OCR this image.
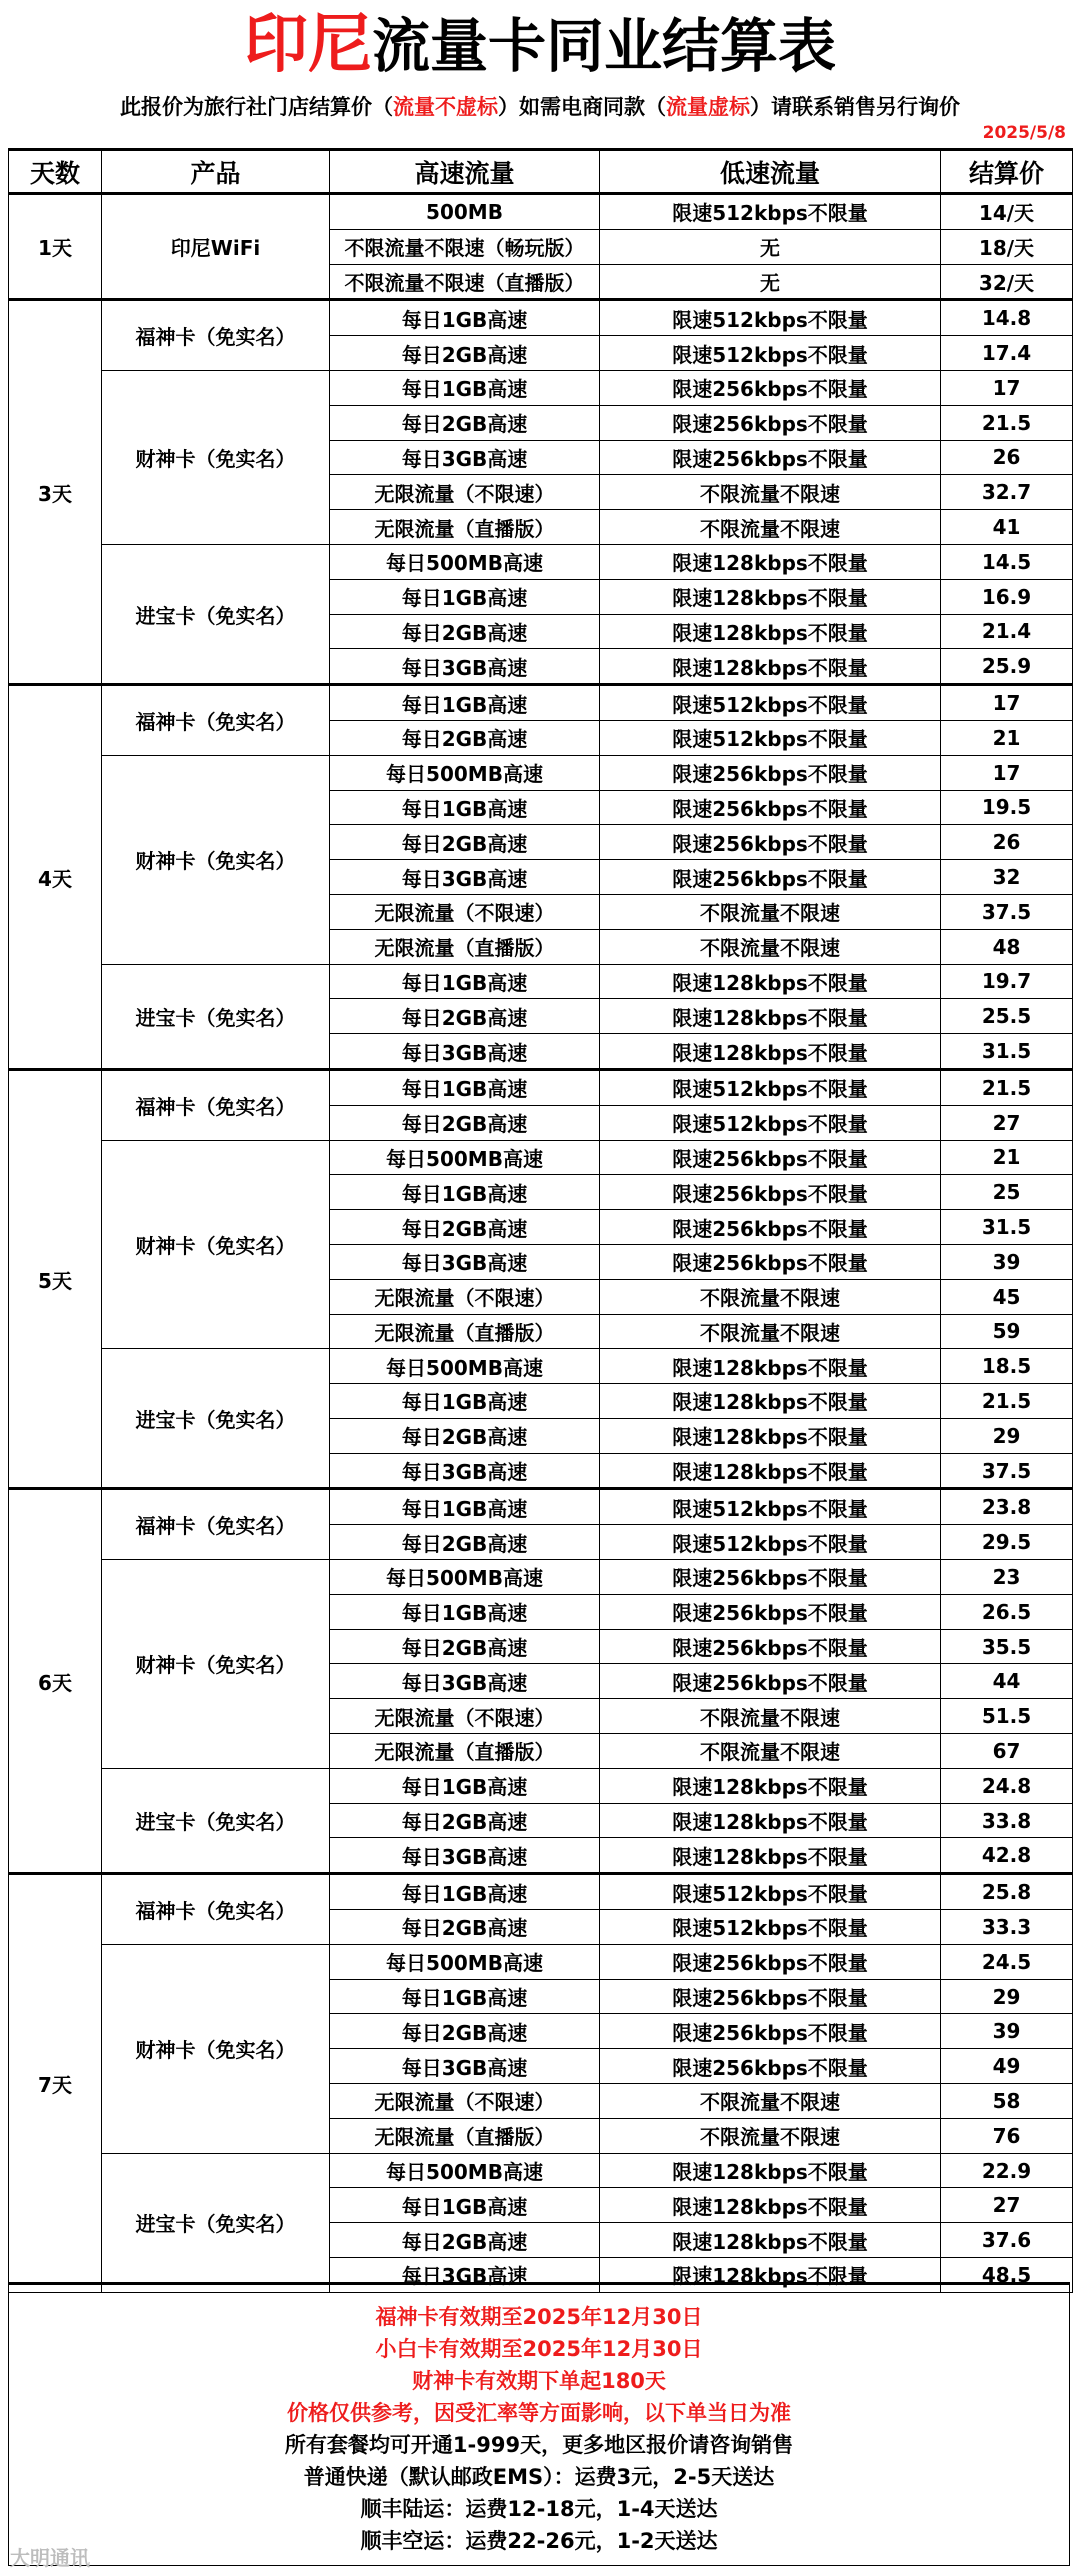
印尼流量卡同业结算表
此报价为旅行社门店结算价（流量不虚标）如需电商同款（流量虚标）请联系销售另行询价
2025/5/8
天数	产品	高速流量	低速流量	结算价
1天	印尼WiFi	500MB	限速512kbps不限量	14/天
		不限流量不限速（畅玩版）	无	18/天
		不限流量不限速（直播版）	无	32/天
3天	福神卡（免实名）	每日1GB高速	限速512kbps不限量	14.8
		每日2GB高速	限速512kbps不限量	17.4
	财神卡（免实名）	每日1GB高速	限速256kbps不限量	17
		每日2GB高速	限速256kbps不限量	21.5
		每日3GB高速	限速256kbps不限量	26
		无限流量（不限速）	不限流量不限速	32.7
		无限流量（直播版）	不限流量不限速	41
	进宝卡（免实名）	每日500MB高速	限速128kbps不限量	14.5
		每日1GB高速	限速128kbps不限量	16.9
		每日2GB高速	限速128kbps不限量	21.4
		每日3GB高速	限速128kbps不限量	25.9
4天	福神卡（免实名）	每日1GB高速	限速512kbps不限量	17
		每日2GB高速	限速512kbps不限量	21
	财神卡（免实名）	每日500MB高速	限速256kbps不限量	17
		每日1GB高速	限速256kbps不限量	19.5
		每日2GB高速	限速256kbps不限量	26
		每日3GB高速	限速256kbps不限量	32
		无限流量（不限速）	不限流量不限速	37.5
		无限流量（直播版）	不限流量不限速	48
	进宝卡（免实名）	每日1GB高速	限速128kbps不限量	19.7
		每日2GB高速	限速128kbps不限量	25.5
		每日3GB高速	限速128kbps不限量	31.5
5天	福神卡（免实名）	每日1GB高速	限速512kbps不限量	21.5
		每日2GB高速	限速512kbps不限量	27
	财神卡（免实名）	每日500MB高速	限速256kbps不限量	21
		每日1GB高速	限速256kbps不限量	25
		每日2GB高速	限速256kbps不限量	31.5
		每日3GB高速	限速256kbps不限量	39
		无限流量（不限速）	不限流量不限速	45
		无限流量（直播版）	不限流量不限速	59
	进宝卡（免实名）	每日500MB高速	限速128kbps不限量	18.5
		每日1GB高速	限速128kbps不限量	21.5
		每日2GB高速	限速128kbps不限量	29
		每日3GB高速	限速128kbps不限量	37.5
6天	福神卡（免实名）	每日1GB高速	限速512kbps不限量	23.8
		每日2GB高速	限速512kbps不限量	29.5
	财神卡（免实名）	每日500MB高速	限速256kbps不限量	23
		每日1GB高速	限速256kbps不限量	26.5
		每日2GB高速	限速256kbps不限量	35.5
		每日3GB高速	限速256kbps不限量	44
		无限流量（不限速）	不限流量不限速	51.5
		无限流量（直播版）	不限流量不限速	67
	进宝卡（免实名）	每日1GB高速	限速128kbps不限量	24.8
		每日2GB高速	限速128kbps不限量	33.8
		每日3GB高速	限速128kbps不限量	42.8
7天	福神卡（免实名）	每日1GB高速	限速512kbps不限量	25.8
		每日2GB高速	限速512kbps不限量	33.3
	财神卡（免实名）	每日500MB高速	限速256kbps不限量	24.5
		每日1GB高速	限速256kbps不限量	29
		每日2GB高速	限速256kbps不限量	39
		每日3GB高速	限速256kbps不限量	49
		无限流量（不限速）	不限流量不限速	58
		无限流量（直播版）	不限流量不限速	76
	进宝卡（免实名）	每日500MB高速	限速128kbps不限量	22.9
		每日1GB高速	限速128kbps不限量	27
		每日2GB高速	限速128kbps不限量	37.6
		每日3GB高速	限速128kbps不限量	48.5
福神卡有效期至2025年12月30日
小白卡有效期至2025年12月30日
财神卡有效期下单起180天
价格仅供参考，因受汇率等方面影响，以下单当日为准
所有套餐均可开通1-999天，更多地区报价请咨询销售
普通快递（默认邮政EMS）：运费3元，2-5天送达
顺丰陆运：运费12-18元，1-4天送达
顺丰空运：运费22-26元，1-2天送达
大明通讯
